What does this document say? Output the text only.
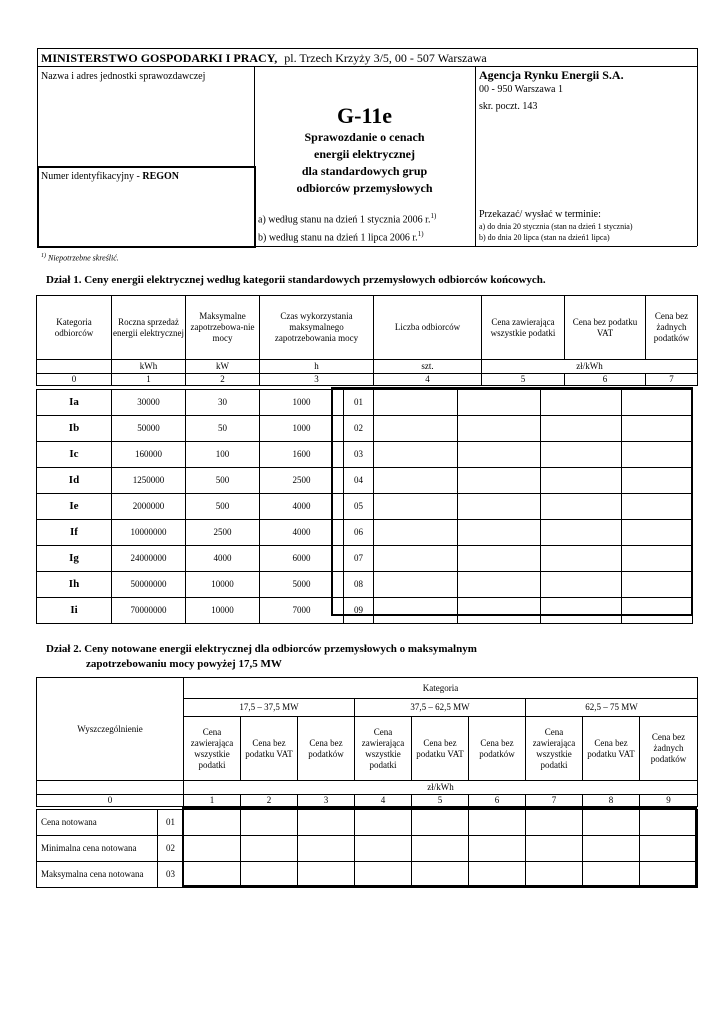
MINISTERSTWO GOSPODARKI I PRACY, pl. Trzech Krzyży 3/5, 00 - 507 Warszawa
Nazwa i adres jednostki sprawozdawczej
Numer identyfikacyjny - REGON
G-11e
Sprawozdanie o cenach
energii elektrycznej
dla standardowych grup
odbiorców przemysłowych
a) według stanu na dzień 1 stycznia 2006 r.$^{1)}$
b) według stanu na dzień 1 lipca 2006 r.$^{1)}$
Agencja Rynku Energii S.A.
00 - 950 Warszawa 1
skr. poczt. 143
Przekazać/ wysłać w terminie:
a) do dnia 20 stycznia (stan na dzień 1 stycznia)
b) do dnia 20 lipca (stan na dzień1 lipca)
$^{1)}$ Niepotrzebne skreślić.
Dział 1. Ceny energii elektrycznej według kategorii standardowych przemysłowych odbiorców końcowych.
Kategoria odbiorców	Roczna sprzedaż energii elektrycznej	Maksymalne zapotrzebowa-nie mocy	Czas wykorzystania maksymalnego zapotrzebowania mocy	Liczba odbiorców	Cena zawierająca wszystkie podatki	Cena bez podatku VAT	Cena bez żadnych podatków
	kWh	kW	h	szt.	zł/kWh		
0	1	2	3	4	5	6	7
Ia	30000	30	1000	01				
Ib	50000	50	1000	02				
Ic	160000	100	1600	03				
Id	1250000	500	2500	04				
Ie	2000000	500	4000	05				
If	10000000	2500	4000	06				
Ig	24000000	4000	6000	07				
Ih	50000000	10000	5000	08				
Ii	70000000	10000	7000	09				
Dział 2. Ceny notowane energii elektrycznej dla odbiorców przemysłowych o maksymalnym
zapotrzebowaniu mocy powyżej 17,5 MW
Wyszczególnienie	Kategoria								
	17,5 – 37,5 MW			37,5 – 62,5 MW			62,5 – 75 MW		
	Cena zawierająca wszystkie podatki	Cena bez podatku VAT	Cena bez podatków	Cena zawierająca wszystkie podatki	Cena bez podatku VAT	Cena bez podatków	Cena zawierająca wszystkie podatki	Cena bez podatku VAT	Cena bez żadnych podatków
	zł/kWh								
0	1	2	3	4	5	6	7	8	9
Cena notowana	01									
Minimalna cena notowana	02									
Maksymalna cena notowana	03									
